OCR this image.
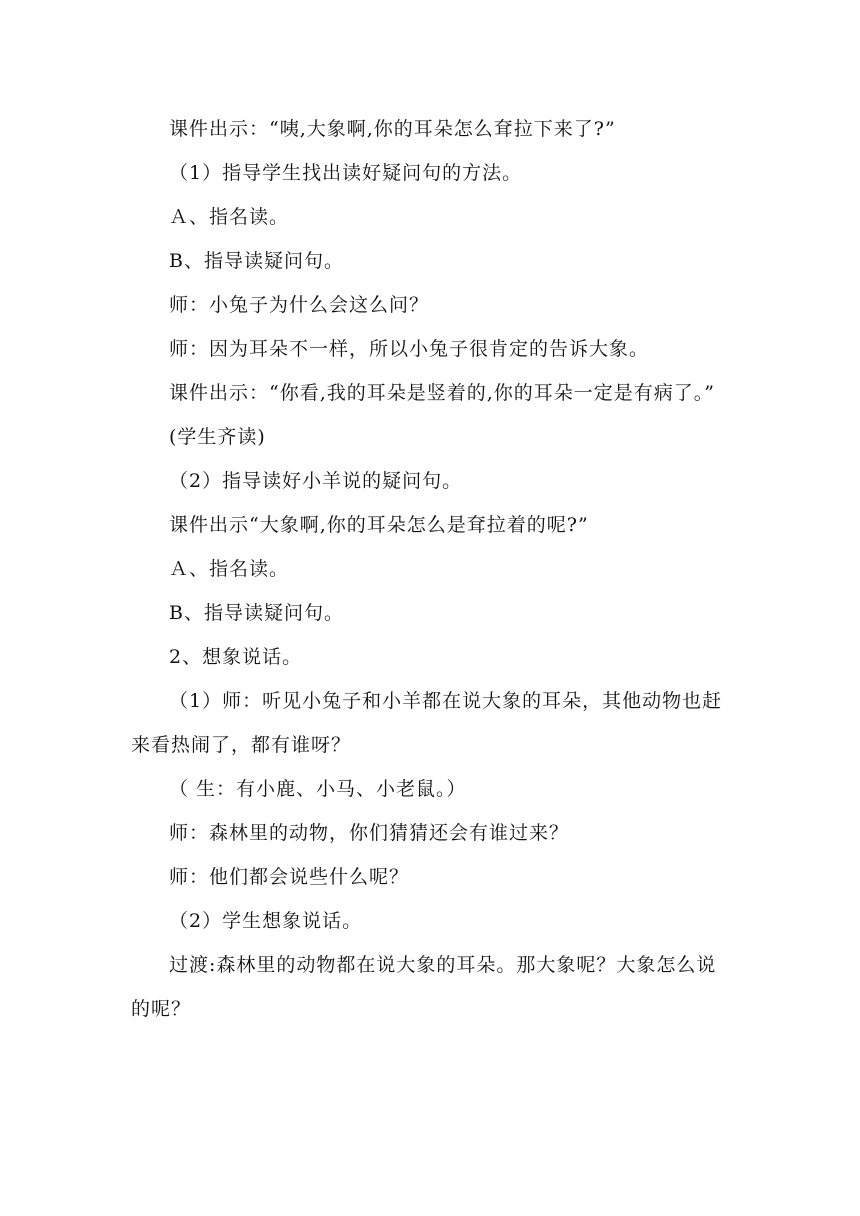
课件出示：“咦,大象啊,你的耳朵怎么耷拉下来了?”

（1）指导学生找出读好疑问句的方法。

Ａ、指名读。

B、指导读疑问句。

师：小兔子为什么会这么问？

师：因为耳朵不一样，所以小兔子很肯定的告诉大象。

课件出示：“你看,我的耳朵是竖着的,你的耳朵一定是有病了。”

(学生齐读)

（2）指导读好小羊说的疑问句。

课件出示“大象啊,你的耳朵怎么是耷拉着的呢?”

Ａ、指名读。

B、指导读疑问句。

2、想象说话。

（1）师：听见小兔子和小羊都在说大象的耳朵，其他动物也赶来看热闹了，都有谁呀？

（ 生：有小鹿、小马、小老鼠。）

师：森林里的动物，你们猜猜还会有谁过来？

师：他们都会说些什么呢？

（2）学生想象说话。

过渡:森林里的动物都在说大象的耳朵。那大象呢？大象怎么说的呢？
